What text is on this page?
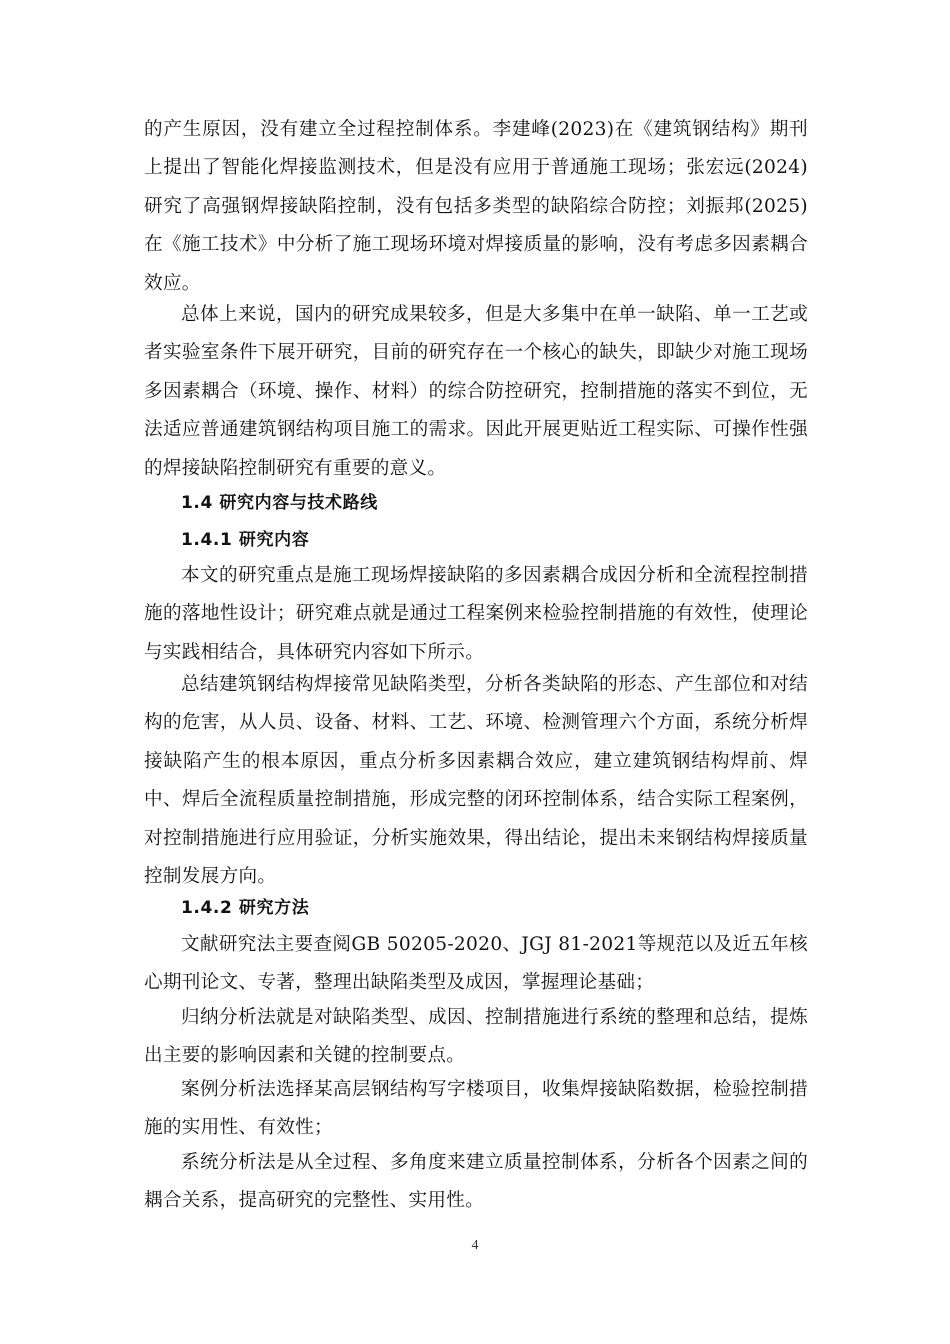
的产生原因，没有建立全过程控制体系。李建峰(2023)在《建筑钢结构》期刊上提出了智能化焊接监测技术，但是没有应用于普通施工现场；张宏远(2024)研究了高强钢焊接缺陷控制，没有包括多类型的缺陷综合防控；刘振邦(2025)在《施工技术》中分析了施工现场环境对焊接质量的影响，没有考虑多因素耦合效应。

总体上来说，国内的研究成果较多，但是大多集中在单一缺陷、单一工艺或者实验室条件下展开研究，目前的研究存在一个核心的缺失，即缺少对施工现场多因素耦合（环境、操作、材料）的综合防控研究，控制措施的落实不到位，无法适应普通建筑钢结构项目施工的需求。因此开展更贴近工程实际、可操作性强的焊接缺陷控制研究有重要的意义。

1.4 研究内容与技术路线
1.4.1 研究内容

本文的研究重点是施工现场焊接缺陷的多因素耦合成因分析和全流程控制措施的落地性设计；研究难点就是通过工程案例来检验控制措施的有效性，使理论与实践相结合，具体研究内容如下所示。

总结建筑钢结构焊接常见缺陷类型，分析各类缺陷的形态、产生部位和对结构的危害，从人员、设备、材料、工艺、环境、检测管理六个方面，系统分析焊接缺陷产生的根本原因，重点分析多因素耦合效应，建立建筑钢结构焊前、焊中、焊后全流程质量控制措施，形成完整的闭环控制体系，结合实际工程案例，对控制措施进行应用验证，分析实施效果，得出结论，提出未来钢结构焊接质量控制发展方向。

1.4.2 研究方法

文献研究法主要查阅GB 50205-2020、JGJ 81-2021等规范以及近五年核心期刊论文、专著，整理出缺陷类型及成因，掌握理论基础；

归纳分析法就是对缺陷类型、成因、控制措施进行系统的整理和总结，提炼出主要的影响因素和关键的控制要点。

案例分析法选择某高层钢结构写字楼项目，收集焊接缺陷数据，检验控制措施的实用性、有效性；

系统分析法是从全过程、多角度来建立质量控制体系，分析各个因素之间的耦合关系，提高研究的完整性、实用性。

4
